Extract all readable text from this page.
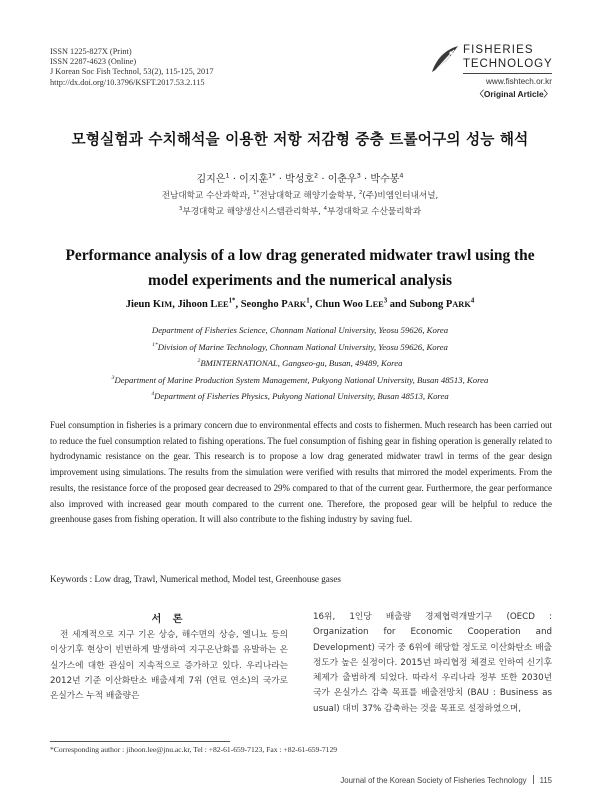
ISSN 1225-827X (Print)
ISSN 2287-4623 (Online)
J Korean Soc Fish Technol, 53(2), 115-125, 2017
http://dx.doi.org/10.3796/KSFT.2017.53.2.115
FISHERIES
TECHNOLOGY
www.fishtech.or.kr
〈Original Article〉
모형실험과 수치해석을 이용한 저항 저감형 중층 트롤어구의 성능 해석
김지은$^1$ · 이지훈$^{1*}$ · 박성호$^2$ · 이춘우$^3$ · 박수봉$^4$
전남대학교 수산과학과, $^{1*}$전남대학교 해양기술학부, $^2$(주)비엠인터내셔널,
$^3$부경대학교 해양생산시스템관리학부, $^4$부경대학교 수산물리학과
Performance analysis of a low drag generated midwater trawl using the
model experiments and the numerical analysis
Jieun KIM, Jihoon $LEE^{1*}$, Seongho PARK$^1$, Chun Woo LEE$^3$ and Subong PARK$^4$
Department of Fisheries Science, Chonnam National University, Yeosu 59626, Korea
$^{1*}$Division of Marine Technology, Chonnam National University, Yeosu 59626, Korea
$^2$BMINTERNATIONAL, Gangseo-gu, Busan, 49489, Korea
$^3$Department of Marine Production System Management, Pukyong National University, Busan 48513, Korea
$^4$Department of Fisheries Physics, Pukyong National University, Busan 48513, Korea
Fuel consumption in fisheries is a primary concern due to environmental effects and costs to fishermen. Much research has been carried out to reduce the fuel consumption related to fishing operations. The fuel consumption of fishing gear in fishing operation is generally related to hydrodynamic resistance on the gear. This research is to propose a low drag generated midwater trawl in terms of the gear design improvement using simulations. The results from the simulation were verified with results that mirrored the model experiments. From the results, the resistance force of the proposed gear decreased to 29% compared to that of the current gear. Furthermore, the gear performance also improved with increased gear mouth compared to the current one. Therefore, the proposed gear will be helpful to reduce the greenhouse gases from fishing operation. It will also contribute to the fishing industry by saving fuel.
Keywords : Low drag, Trawl, Numerical method, Model test, Greenhouse gases
서 론
전 세계적으로 지구 기온 상승, 해수면의 상승, 엘니뇨 등의 이상기후 현상이 빈번하게 발생하여 지구온난화를 유발하는 온실가스에 대한 관심이 지속적으로 증가하고 있다. 우리나라는 2012년 기준 이산화탄소 배출세계 7위 (연료 연소)의 국가로 온실가스 누적 배출량은
16위, 1인당 배출량 경제협력개발기구 (OECD : Organization for Economic Cooperation and Development) 국가 중 6위에 해당할 정도로 이산화탄소 배출 정도가 높은 실정이다. 2015년 파리협정 체결로 인하여 신기후체제가 출범하게 되었다. 따라서 우리나라 정부 또한 2030년 국가 온실가스 감축 목표를 배출전망치 (BAU : Business as usual) 대비 37% 감축하는 것을 목표로 설정하였으며,
*Corresponding author : jihoon.lee@jnu.ac.kr, Tel : +82-61-659-7123, Fax : +82-61-659-7129
Journal of the Korean Society of Fisheries Technology 115
